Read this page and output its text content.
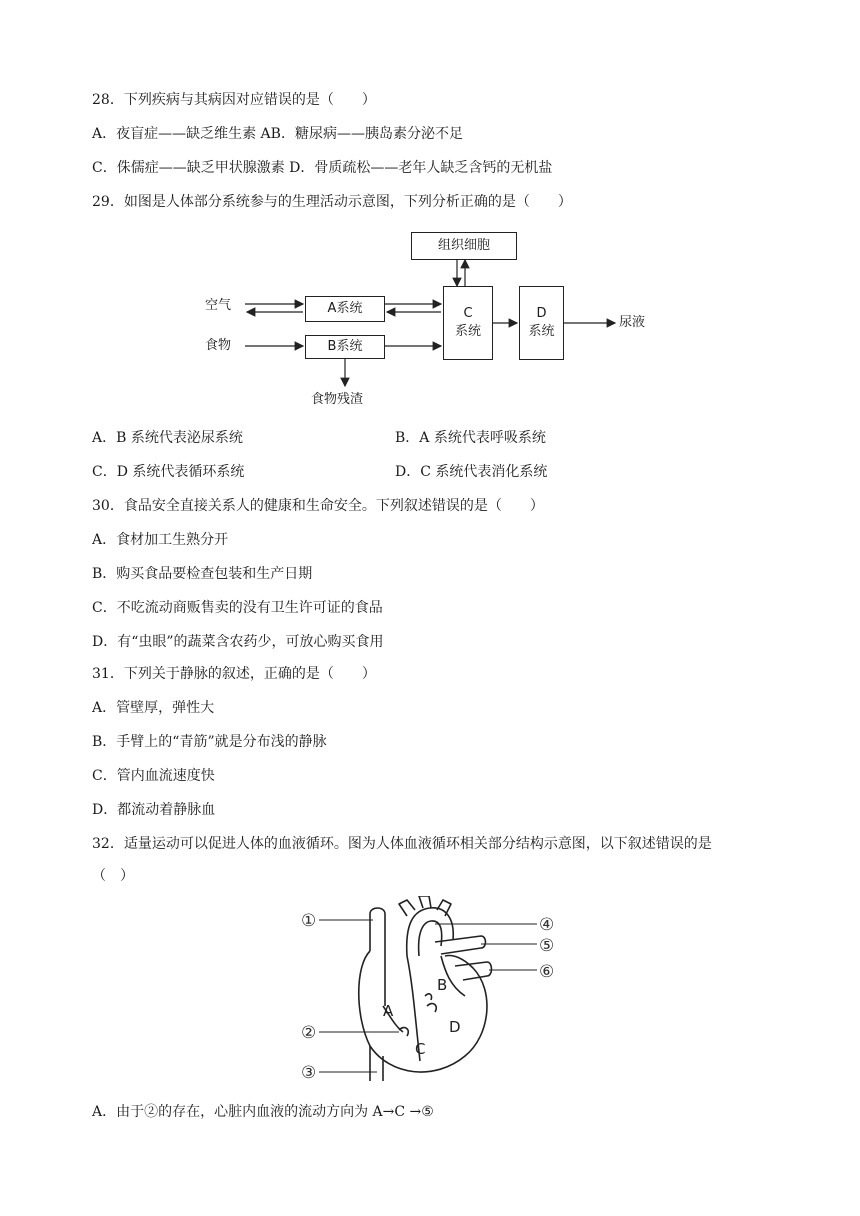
28．下列疾病与其病因对应错误的是（　　）
A．夜盲症——缺乏维生素 AB．糖尿病——胰岛素分泌不足
C．侏儒症——缺乏甲状腺激素 D．骨质疏松——老年人缺乏含钙的无机盐
29．如图是人体部分系统参与的生理活动示意图，下列分析正确的是（　　）
组织细胞
A系统
B系统
C
系统
D
系统
空气
食物
尿液
食物残渣
A．B 系统代表泌尿系统	B．A 系统代表呼吸系统
C．D 系统代表循环系统	D．C 系统代表消化系统
30．食品安全直接关系人的健康和生命安全。下列叙述错误的是（　　）
A．食材加工生熟分开
B．购买食品要检查包装和生产日期
C．不吃流动商贩售卖的没有卫生许可证的食品
D．有“虫眼”的蔬菜含农药少，可放心购买食用
31．下列关于静脉的叙述，正确的是（　　）
A．管壁厚，弹性大
B．手臂上的“青筋”就是分布浅的静脉
C．管内血流速度快
D．都流动着静脉血
32．适量运动可以促进人体的血液循环。图为人体血液循环相关部分结构示意图，以下叙述错误的是
（　）
①
②
③
④
⑤
⑥
A
B
C
D
A．由于②的存在，心脏内血液的流动方向为 A→C →⑤
